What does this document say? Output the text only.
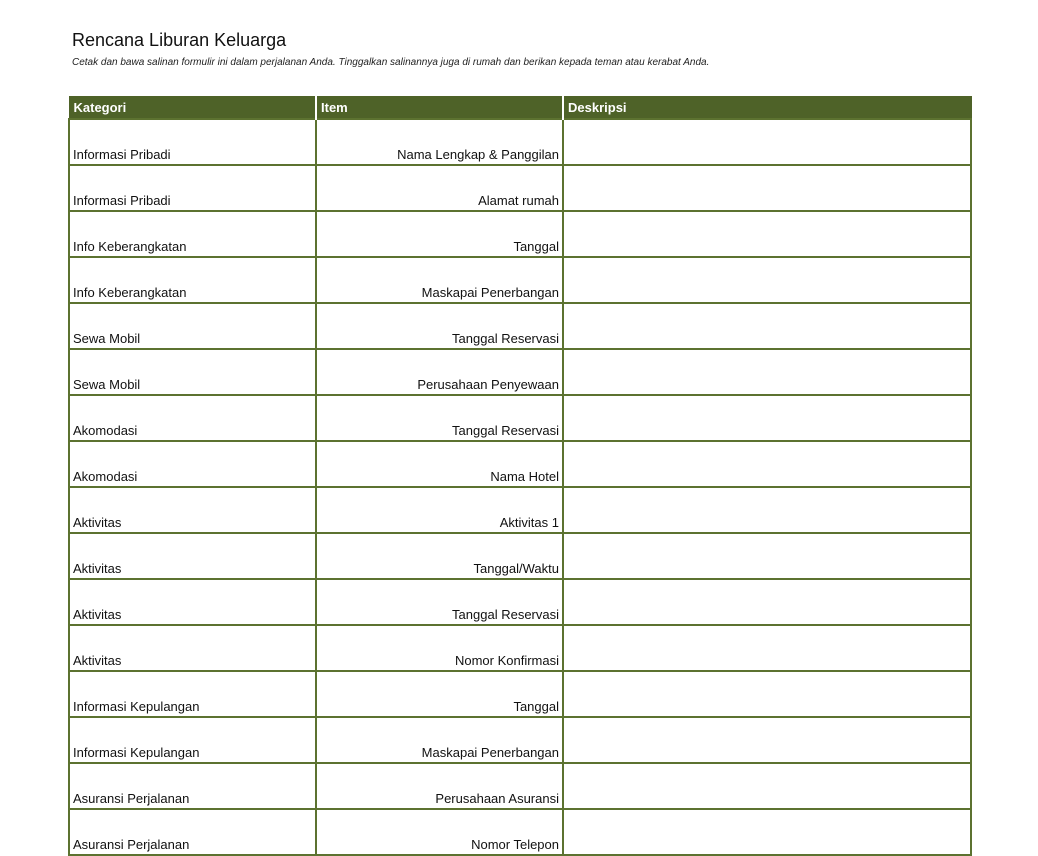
Rencana Liburan Keluarga
Cetak dan bawa salinan formulir ini dalam perjalanan Anda. Tinggalkan salinannya juga di rumah dan berikan kepada teman atau kerabat Anda.
Kategori	Item	Deskripsi
Informasi Pribadi	Nama Lengkap & Panggilan	
Informasi Pribadi	Alamat rumah	
Info Keberangkatan	Tanggal	
Info Keberangkatan	Maskapai Penerbangan	
Sewa Mobil	Tanggal Reservasi	
Sewa Mobil	Perusahaan Penyewaan	
Akomodasi	Tanggal Reservasi	
Akomodasi	Nama Hotel	
Aktivitas	Aktivitas 1	
Aktivitas	Tanggal/Waktu	
Aktivitas	Tanggal Reservasi	
Aktivitas	Nomor Konfirmasi	
Informasi Kepulangan	Tanggal	
Informasi Kepulangan	Maskapai Penerbangan	
Asuransi Perjalanan	Perusahaan Asuransi	
Asuransi Perjalanan	Nomor Telepon	
